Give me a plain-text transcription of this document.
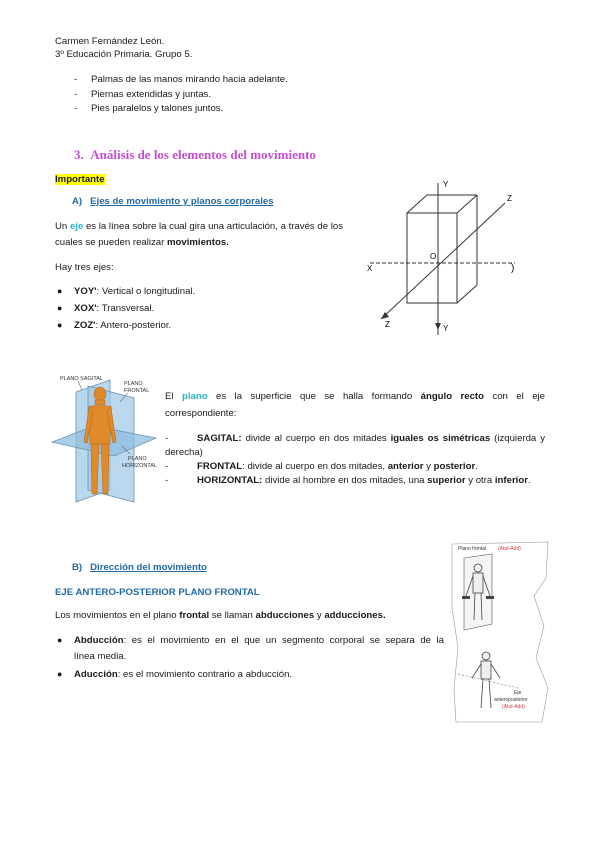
Carmen Fernández León.
3º Educación Primaria. Grupo 5.
- Palmas de las manos mirando hacia adelante.
- Piernas extendidas y juntas.
- Pies paralelos y talones juntos.
3. Análisis de los elementos del movimiento
Importante
A) Ejes de movimiento y planos corporales
Un eje es la línea sobre la cual gira una articulación, a través de los
cuales se pueden realizar movimientos.
Hay tres ejes:
● YOY': Vertical o longitudinal.
● XOX': Transversal.
● ZOZ': Antero-posterior.
Y
Y
Z
Z
X
O
)
PLANO SAGITAL
PLANO
FRONTAL
PLANO
HORIZONTAL
El plano es la superficie que se halla formando ángulo recto con el eje
correspondiente:
-	SAGITAL: divide al cuerpo en dos mitades iguales os simétricas (izquierda y
derecha)
-	FRONTAL: divide al cuerpo en dos mitades, anterior y posterior.
-	HORIZONTAL: divide al hombre en dos mitades, una superior y otra inferior.
B) Dirección del movimiento
EJE ANTERO-POSTERIOR PLANO FRONTAL
Los movimientos en el plano frontal se llaman abducciones y adducciones.
● Abducción: es el movimiento en el que un segmento corporal se separa de la
línea media.
● Aducción: es el movimiento contrario a abducción.
Plano frontal (Abd-Add)
Eje
anteroposterior
(Abd-Add)
